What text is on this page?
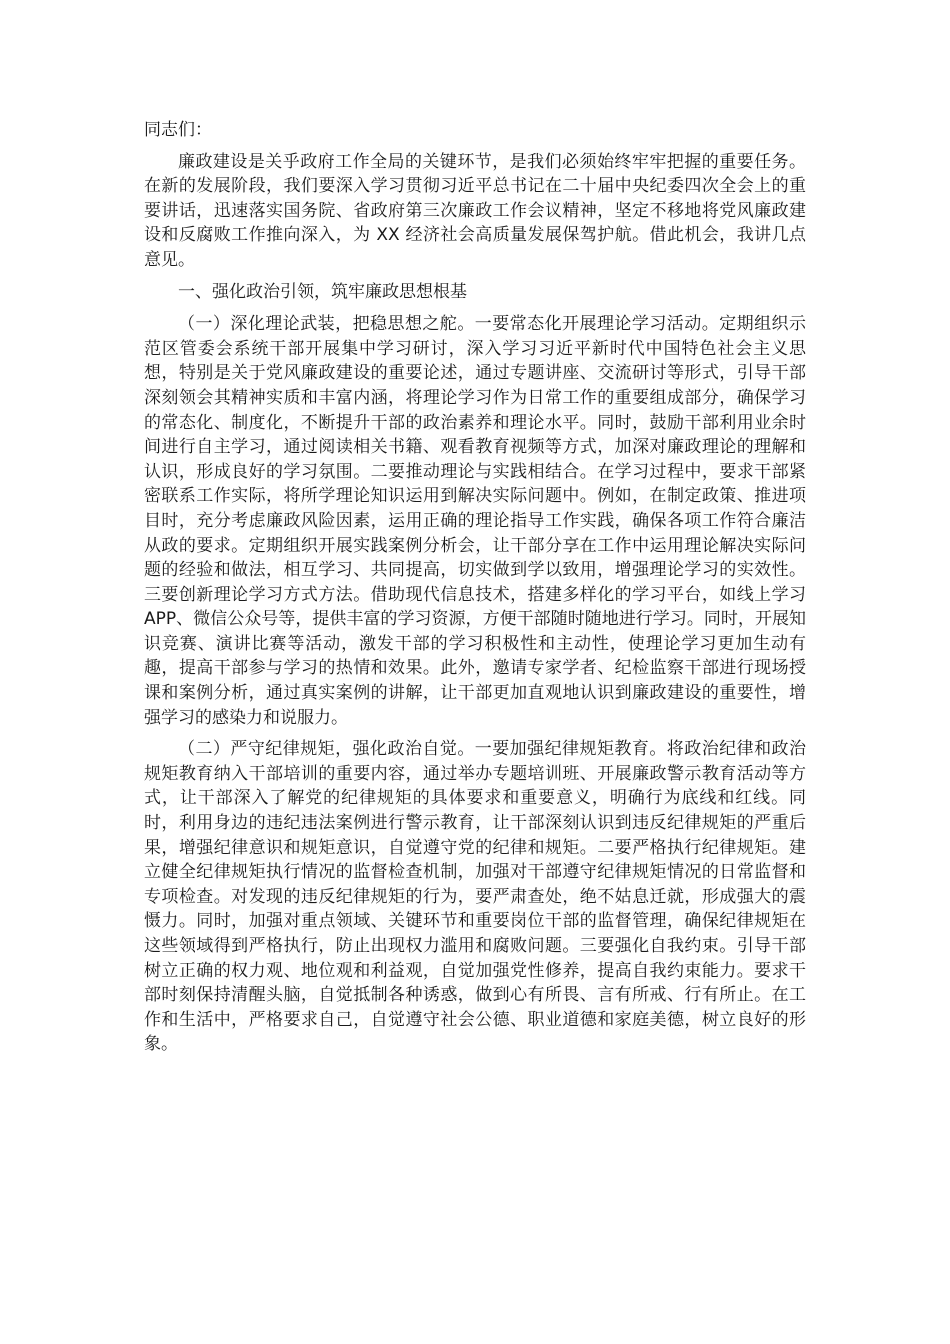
同志们：

廉政建设是关乎政府工作全局的关键环节，是我们必须始终牢牢把握的重要任务。在新的发展阶段，我们要深入学习贯彻习近平总书记在二十届中央纪委四次全会上的重要讲话，迅速落实国务院、省政府第三次廉政工作会议精神，坚定不移地将党风廉政建设和反腐败工作推向深入，为 XX 经济社会高质量发展保驾护航。借此机会，我讲几点意见。

一、强化政治引领，筑牢廉政思想根基

（一）深化理论武装，把稳思想之舵。一要常态化开展理论学习活动。定期组织示范区管委会系统干部开展集中学习研讨，深入学习习近平新时代中国特色社会主义思想，特别是关于党风廉政建设的重要论述，通过专题讲座、交流研讨等形式，引导干部深刻领会其精神实质和丰富内涵，将理论学习作为日常工作的重要组成部分，确保学习的常态化、制度化，不断提升干部的政治素养和理论水平。同时，鼓励干部利用业余时间进行自主学习，通过阅读相关书籍、观看教育视频等方式，加深对廉政理论的理解和认识，形成良好的学习氛围。二要推动理论与实践相结合。在学习过程中，要求干部紧密联系工作实际，将所学理论知识运用到解决实际问题中。例如，在制定政策、推进项目时，充分考虑廉政风险因素，运用正确的理论指导工作实践，确保各项工作符合廉洁从政的要求。定期组织开展实践案例分析会，让干部分享在工作中运用理论解决实际问题的经验和做法，相互学习、共同提高，切实做到学以致用，增强理论学习的实效性。三要创新理论学习方式方法。借助现代信息技术，搭建多样化的学习平台，如线上学习 APP、微信公众号等，提供丰富的学习资源，方便干部随时随地进行学习。同时，开展知识竞赛、演讲比赛等活动，激发干部的学习积极性和主动性，使理论学习更加生动有趣，提高干部参与学习的热情和效果。此外，邀请专家学者、纪检监察干部进行现场授课和案例分析，通过真实案例的讲解，让干部更加直观地认识到廉政建设的重要性，增强学习的感染力和说服力。

（二）严守纪律规矩，强化政治自觉。一要加强纪律规矩教育。将政治纪律和政治规矩教育纳入干部培训的重要内容，通过举办专题培训班、开展廉政警示教育活动等方式，让干部深入了解党的纪律规矩的具体要求和重要意义，明确行为底线和红线。同时，利用身边的违纪违法案例进行警示教育，让干部深刻认识到违反纪律规矩的严重后果，增强纪律意识和规矩意识，自觉遵守党的纪律和规矩。二要严格执行纪律规矩。建立健全纪律规矩执行情况的监督检查机制，加强对干部遵守纪律规矩情况的日常监督和专项检查。对发现的违反纪律规矩的行为，要严肃查处，绝不姑息迁就，形成强大的震慑力。同时，加强对重点领域、关键环节和重要岗位干部的监督管理，确保纪律规矩在这些领域得到严格执行，防止出现权力滥用和腐败问题。三要强化自我约束。引导干部树立正确的权力观、地位观和利益观，自觉加强党性修养，提高自我约束能力。要求干部时刻保持清醒头脑，自觉抵制各种诱惑，做到心有所畏、言有所戒、行有所止。在工作和生活中，严格要求自己，自觉遵守社会公德、职业道德和家庭美德，树立良好的形象。
